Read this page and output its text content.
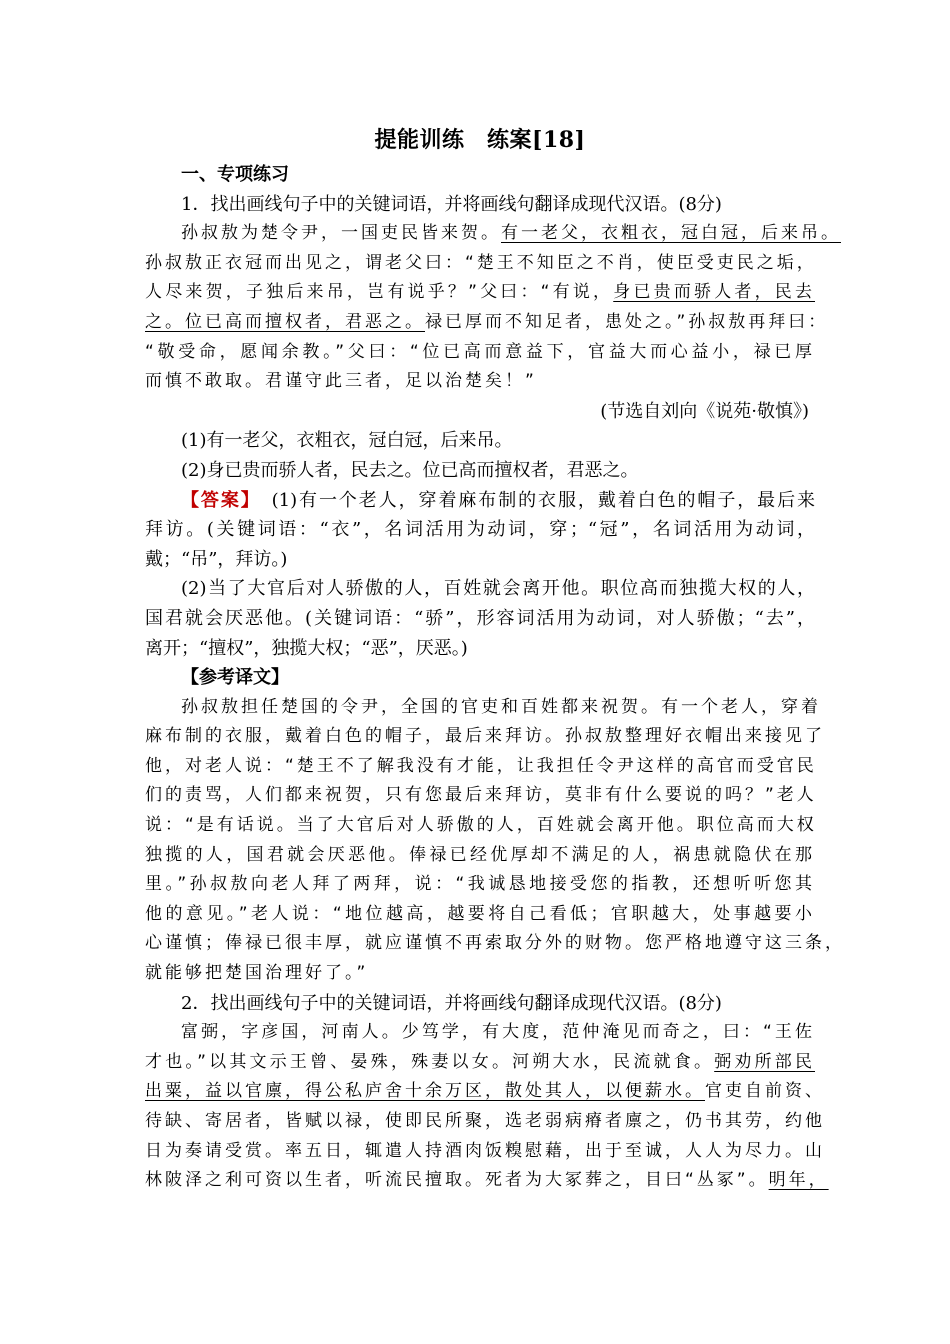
提能训练　练案[18]
一、专项练习
1．找出画线句子中的关键词语，并将画线句翻译成现代汉语。(8分)
孙叔敖为楚令尹，一国吏民皆来贺。有一老父，衣粗衣，冠白冠，后来吊。
孙叔敖正衣冠而出见之，谓老父曰：“楚王不知臣之不肖，使臣受吏民之垢，
人尽来贺，子独后来吊，岂有说乎？”父曰：“有说，身已贵而骄人者，民去
之。位已高而擅权者，君恶之。禄已厚而不知足者，患处之。”孙叔敖再拜曰：
“敬受命，愿闻余教。”父曰：“位已高而意益下，官益大而心益小，禄已厚
而慎不敢取。君谨守此三者，足以治楚矣！”
(节选自刘向《说苑·敬慎》)
(1)有一老父，衣粗衣，冠白冠，后来吊。
(2)身已贵而骄人者，民去之。位已高而擅权者，君恶之。
【答案】　 (1)有一个老人，穿着麻布制的衣服，戴着白色的帽子，最后来
拜访。(关键词语：“衣”，名词活用为动词，穿；“冠”，名词活用为动词，
戴；“吊”，拜访。)
(2)当了大官后对人骄傲的人，百姓就会离开他。职位高而独揽大权的人，
国君就会厌恶他。(关键词语：“骄”，形容词活用为动词，对人骄傲；“去”，
离开；“擅权”，独揽大权；“恶”，厌恶。)
【参考译文】
孙叔敖担任楚国的令尹，全国的官吏和百姓都来祝贺。有一个老人，穿着
麻布制的衣服，戴着白色的帽子，最后来拜访。孙叔敖整理好衣帽出来接见了
他，对老人说：“楚王不了解我没有才能，让我担任令尹这样的高官而受官民
们的责骂，人们都来祝贺，只有您最后来拜访，莫非有什么要说的吗？”老人
说：“是有话说。当了大官后对人骄傲的人，百姓就会离开他。职位高而大权
独揽的人，国君就会厌恶他。俸禄已经优厚却不满足的人，祸患就隐伏在那
里。”孙叔敖向老人拜了两拜，说：“我诚恳地接受您的指教，还想听听您其
他的意见。”老人说：“地位越高，越要将自己看低；官职越大，处事越要小
心谨慎；俸禄已很丰厚，就应谨慎不再索取分外的财物。您严格地遵守这三条，
就能够把楚国治理好了。”
2．找出画线句子中的关键词语，并将画线句翻译成现代汉语。(8分)
富弼，字彦国，河南人。少笃学，有大度，范仲淹见而奇之，曰：“王佐
才也。”以其文示王曾、晏殊，殊妻以女。河朔大水，民流就食。弼劝所部民
出粟，益以官廪，得公私庐舍十余万区，散处其人，以便薪水。官吏自前资、
待缺、寄居者，皆赋以禄，使即民所聚，选老弱病瘠者廪之，仍书其劳，约他
日为奏请受赏。率五日，辄遣人持酒肉饭糗慰藉，出于至诚，人人为尽力。山
林陂泽之利可资以生者，听流民擅取。死者为大冢葬之，目曰“丛冢”。明年，
